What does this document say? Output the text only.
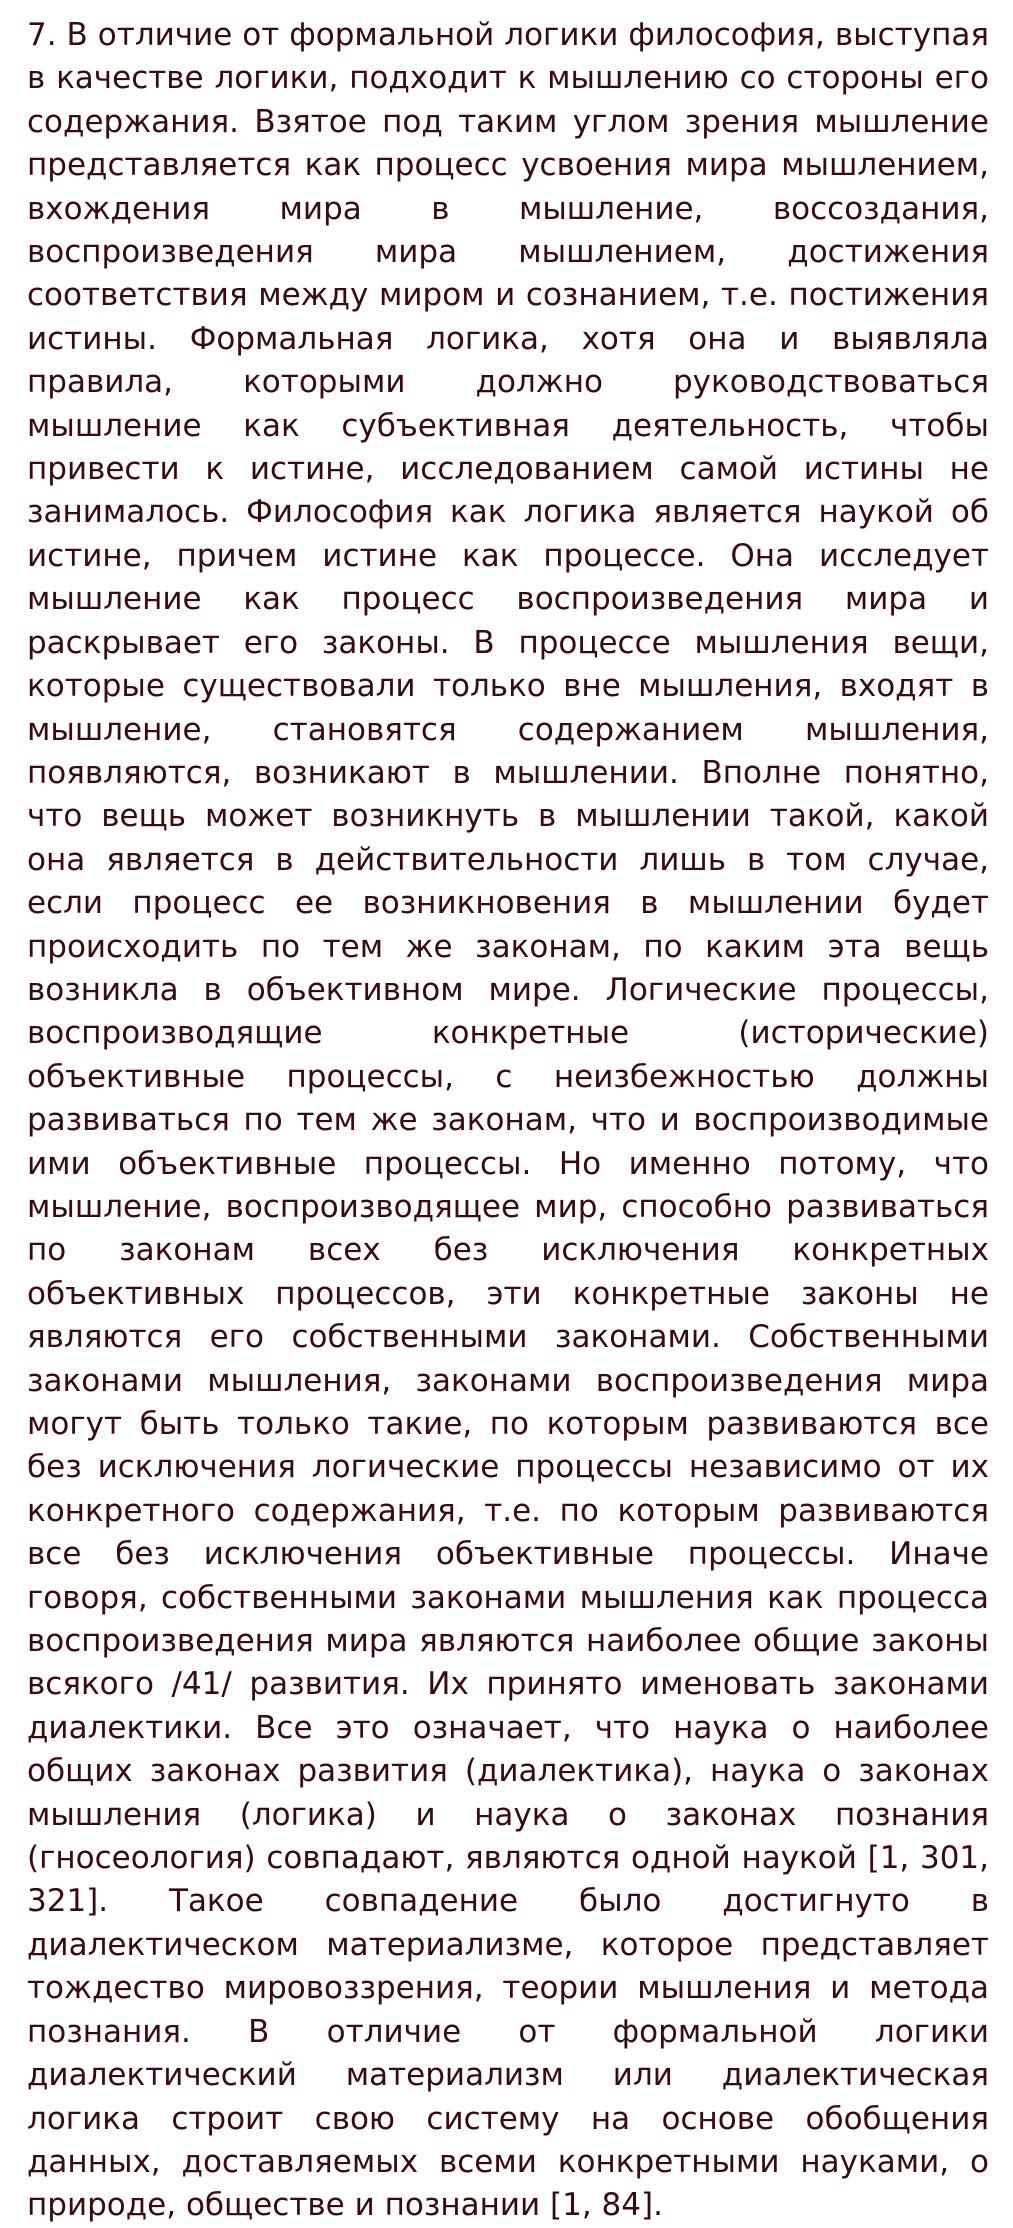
7. В отличие от формальной логики философия, выступая в качестве логики, подходит к мышлению со стороны его содержания. Взятое под таким углом зрения мышление представляется как процесс усвоения мира мышлением, вхождения мира в мышление, воссоздания, воспроизведения мира мышлением, достижения соответствия между миром и сознанием, т.е. постижения истины. Формальная логика, хотя она и выявляла правила, которыми должно руководствоваться мышление как субъективная деятельность, чтобы привести к истине, исследованием самой истины не занималось. Философия как логика является наукой об истине, причем истине как процессе. Она исследует мышление как процесс воспроизведения мира и раскрывает его законы. В процессе мышления вещи, которые существовали только вне мышления, входят в мышление, становятся содержанием мышления, появляются, возникают в мышлении. Вполне понятно, что вещь может возникнуть в мышлении такой, какой она является в действительности лишь в том случае, если процесс ее возникновения в мышлении будет происходить по тем же законам, по каким эта вещь возникла в объективном мире. Логические процессы, воспроизводящие конкретные (исторические) объективные процессы, с неизбежностью должны развиваться по тем же законам, что и воспроизводимые ими объективные процессы. Но именно потому, что мышление, воспроизводящее мир, способно развиваться по законам всех без исключения конкретных объективных процессов, эти конкретные законы не являются его собственными законами. Собственными законами мышления, законами воспроизведения мира могут быть только такие, по которым развиваются все без исключения логические процессы независимо от их конкретного содержания, т.е. по которым развиваются все без исключения объективные процессы. Иначе говоря, собственными законами мышления как процесса воспроизведения мира являются наиболее общие законы всякого /41/ развития. Их принято именовать законами диалектики. Все это означает, что наука о наиболее общих законах развития (диалектика), наука о законах мышления (логика) и наука о законах познания (гносеология) совпадают, являются одной наукой [1, 301, 321]. Такое совпадение было достигнуто в диалектическом материализме, которое представляет тождество мировоззрения, теории мышления и метода познания. В отличие от формальной логики диалектический материализм или диалектическая логика строит свою систему на основе обобщения данных, доставляемых всеми конкретными науками, о природе, обществе и познании [1, 84].
